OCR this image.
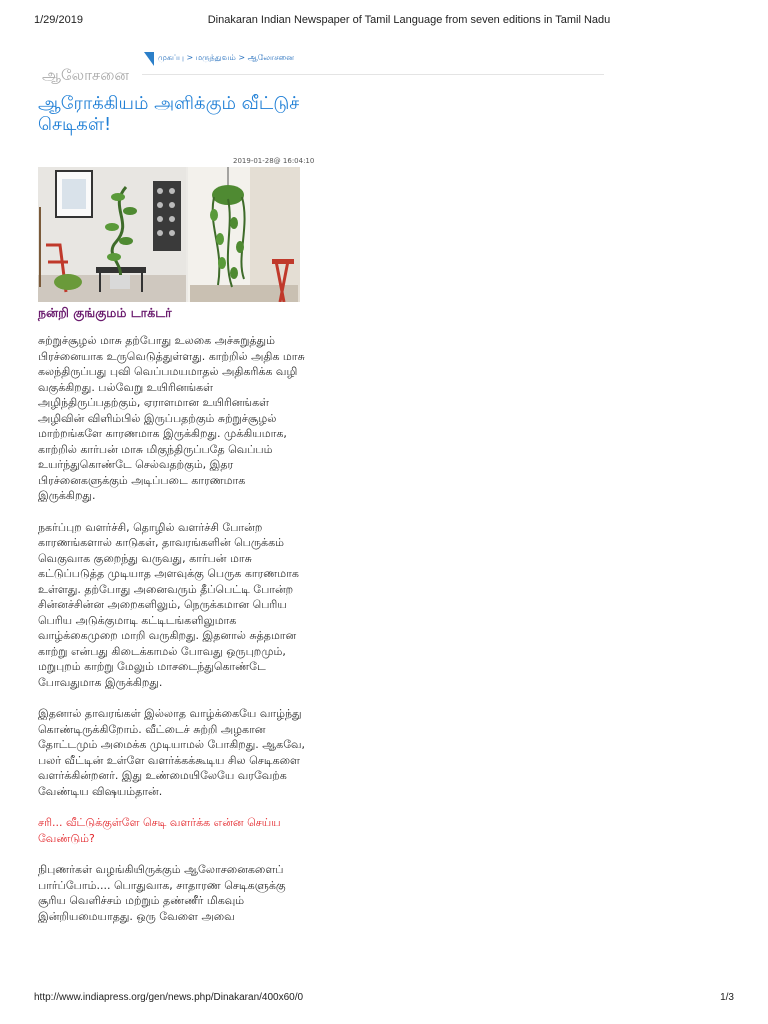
1/29/2019	Dinakaran Indian Newspaper of Tamil Language from seven editions in Tamil Nadu
முகப்பு > மருத்துவம் > ஆலோசனை
ஆலோசனை
ஆரோக்கியம் அளிக்கும் வீட்டுச் செடிகள்!
2019-01-28@ 16:04:10
நன்றி குங்குமம் டாக்டர்

சுற்றுச்சூழல் மாசு தற்போது உலகை அச்சுறுத்தும் பிரச்னையாக உருவெடுத்துள்ளது. காற்றில் அதிக மாசு கலந்திருப்பது புவி வெப்பமயமாதல் அதிகரிக்க வழி வகுக்கிறது. பல்வேறு உயிரினங்கள் அழிந்திருப்பதற்கும், ஏராளமான உயிரினங்கள் அழிவின் விளிம்பில் இருப்பதற்கும் சுற்றுச்சூழல் மாற்றங்களே காரணமாக இருக்கிறது. முக்கியமாக, காற்றில் கார்பன் மாசு மிகுந்திருப்பதே வெப்பம் உயர்ந்துகொண்டே செல்வதற்கும், இதர பிரச்னைகளுக்கும் அடிப்படை காரணமாக இருக்கிறது.

நகர்ப்புற வளர்ச்சி, தொழில் வளர்ச்சி போன்ற காரணங்களால் காடுகள், தாவரங்களின் பெருக்கம் வெகுவாக குறைந்து வருவது, கார்பன் மாசு கட்டுப்படுத்த முடியாத அளவுக்கு பெருக காரணமாக உள்ளது. தற்போது அனைவரும் தீப்பெட்டி போன்ற சின்னச்சின்ன அறைகளிலும், நெருக்கமான பெரிய பெரிய அடுக்குமாடி கட்டிடங்களிலுமாக வாழ்க்கைமுறை மாறி வருகிறது. இதனால் சுத்தமான காற்று என்பது கிடைக்காமல் போவது ஒருபுறமும், மறுபுறம் காற்று மேலும் மாசடைந்துகொண்டே போவதுமாக இருக்கிறது.

இதனால் தாவரங்கள் இல்லாத வாழ்க்கையே வாழ்ந்து கொண்டிருக்கிறோம். வீட்டைச் சுற்றி அழகான தோட்டமும் அமைக்க முடியாமல் போகிறது. ஆகவே, பலர் வீட்டின் உள்ளே வளர்க்கக்கூடிய சில செடிகளை வளர்க்கின்றனர். இது உண்மையிலேயே வரவேற்க வேண்டிய விஷயம்தான்.

சரி... வீட்டுக்குள்ளே செடி வளர்க்க என்ன செய்ய வேண்டும்?

நிபுணர்கள் வழங்கியிருக்கும் ஆலோசனைகளைப் பார்ப்போம்.... பொதுவாக, சாதாரண செடிகளுக்கு சூரிய வெளிச்சம் மற்றும் தண்ணீர் மிகவும் இன்றியமையாதது. ஒரு வேளை அவை

http://www.indiapress.org/gen/news.php/Dinakaran/400x60/0	1/3
